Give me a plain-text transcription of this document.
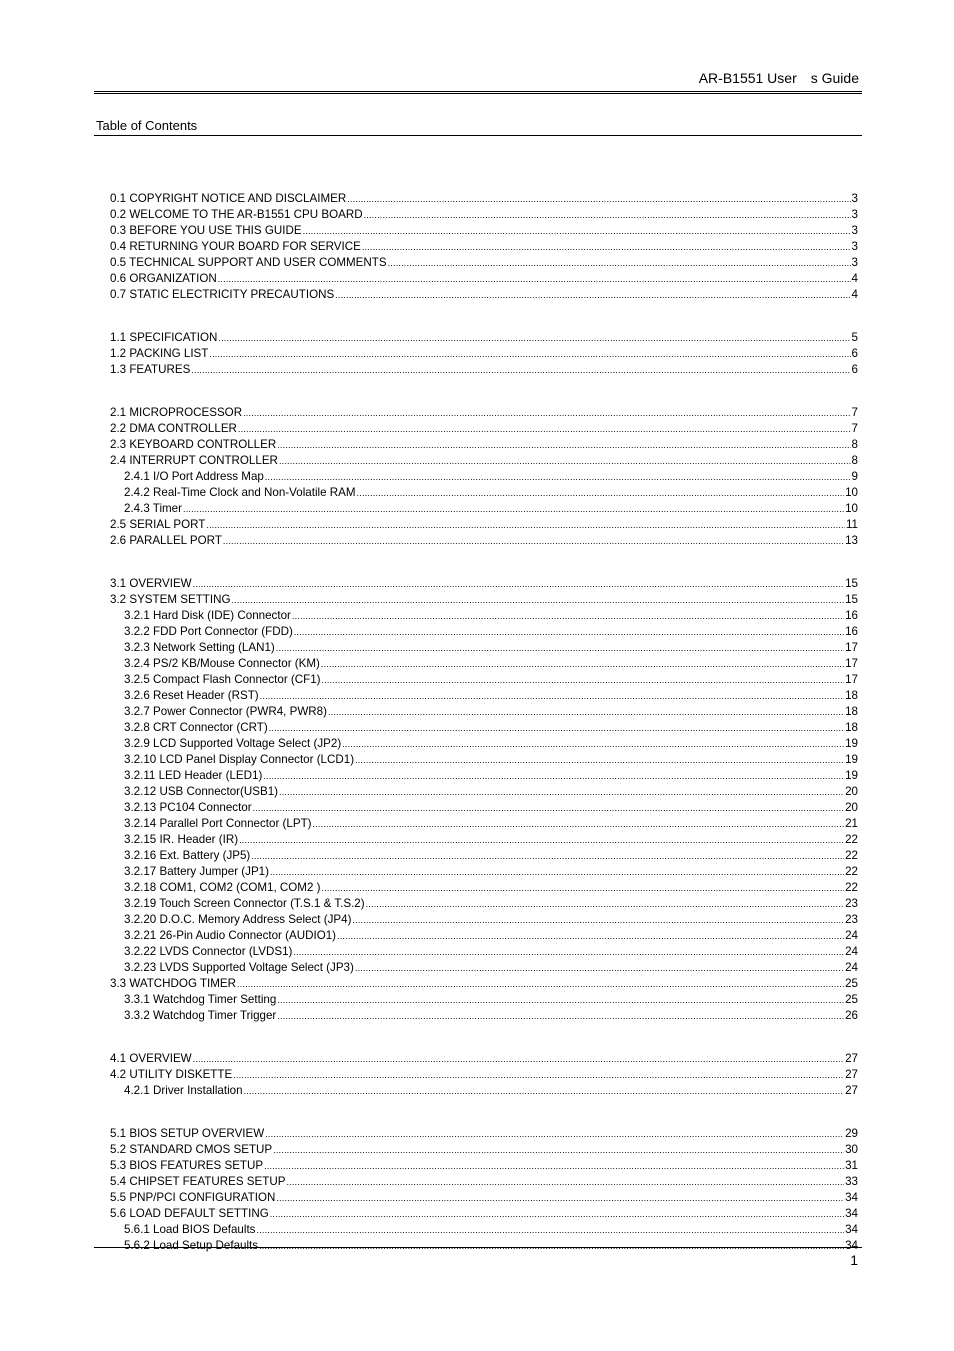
AR-B1551 User　s Guide
Table of Contents
0.1 COPYRIGHT NOTICE AND DISCLAIMER .....	3
0.2 WELCOME TO THE AR-B1551 CPU BOARD .....	3
0.3 BEFORE YOU USE THIS GUIDE .....	3
0.4 RETURNING YOUR BOARD FOR SERVICE .....	3
0.5 TECHNICAL SUPPORT AND USER COMMENTS .....	3
0.6 ORGANIZATION .....	4
0.7 STATIC ELECTRICITY PRECAUTIONS .....	4
1.1 SPECIFICATION .....	5
1.2 PACKING LIST .....	6
1.3 FEATURES .....	6
2.1 MICROPROCESSOR .....	7
2.2 DMA CONTROLLER .....	7
2.3 KEYBOARD CONTROLLER .....	8
2.4 INTERRUPT CONTROLLER .....	8
2.4.1 I/O Port Address Map .....	9
2.4.2 Real-Time Clock and Non-Volatile RAM .....	10
2.4.3 Timer .....	10
2.5 SERIAL PORT .....	11
2.6 PARALLEL PORT .....	13
3.1 OVERVIEW .....	15
3.2 SYSTEM SETTING .....	15
3.2.1 Hard Disk (IDE) Connector .....	16
3.2.2 FDD Port Connector (FDD) .....	16
3.2.3 Network Setting (LAN1) .....	17
3.2.4 PS/2 KB/Mouse Connector (KM) .....	17
3.2.5 Compact Flash Connector (CF1) .....	17
3.2.6 Reset Header (RST) .....	18
3.2.7 Power Connector (PWR4, PWR8) .....	18
3.2.8 CRT Connector (CRT) .....	18
3.2.9 LCD Supported Voltage Select (JP2) .....	19
3.2.10 LCD Panel Display Connector (LCD1) .....	19
3.2.11 LED Header (LED1) .....	19
3.2.12 USB Connector(USB1) .....	20
3.2.13 PC104 Connector .....	20
3.2.14 Parallel Port Connector (LPT) .....	21
3.2.15 IR. Header (IR) .....	22
3.2.16 Ext. Battery (JP5) .....	22
3.2.17 Battery Jumper (JP1) .....	22
3.2.18 COM1, COM2 (COM1, COM2 ) .....	22
3.2.19 Touch Screen Connector (T.S.1 & T.S.2) .....	23
3.2.20 D.O.C. Memory Address Select (JP4) .....	23
3.2.21 26-Pin Audio Connector (AUDIO1) .....	24
3.2.22 LVDS Connector (LVDS1) .....	24
3.2.23 LVDS Supported Voltage Select (JP3) .....	24
3.3 WATCHDOG TIMER .....	25
3.3.1 Watchdog Timer Setting .....	25
3.3.2 Watchdog Timer Trigger .....	26
4.1 OVERVIEW .....	27
4.2 UTILITY DISKETTE .....	27
4.2.1 Driver Installation .....	27
5.1 BIOS SETUP OVERVIEW .....	29
5.2 STANDARD CMOS SETUP .....	30
5.3 BIOS FEATURES SETUP .....	31
5.4 CHIPSET FEATURES SETUP .....	33
5.5 PNP/PCI CONFIGURATION .....	34
5.6 LOAD DEFAULT SETTING .....	34
5.6.1 Load BIOS Defaults .....	34
5.6.2 Load Setup Defaults .....	34
1
